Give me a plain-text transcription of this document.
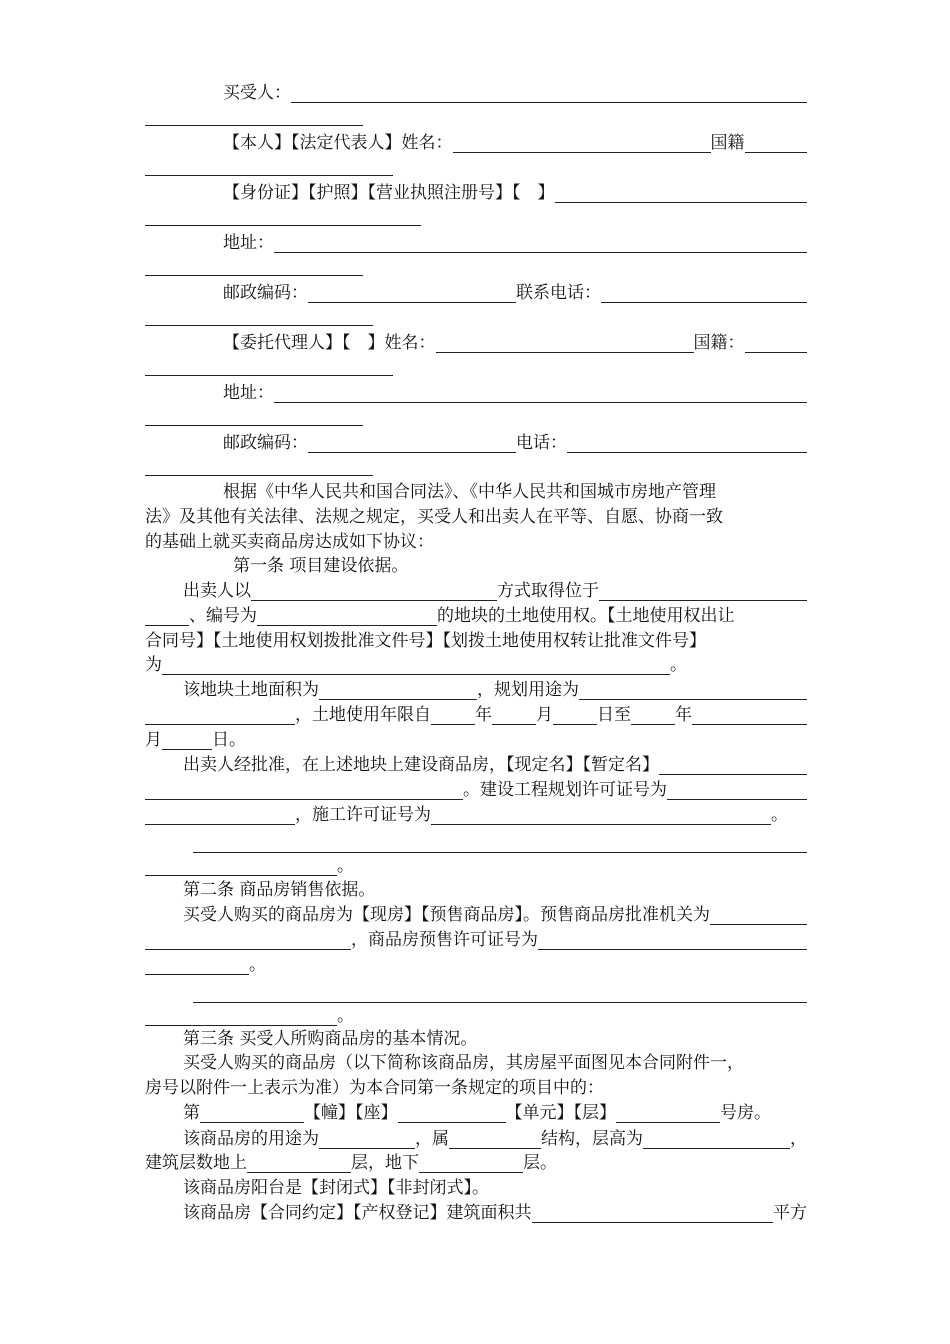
买受人：
【本人】【法定代表人】姓名：	国籍
【身份证】【护照】【营业执照注册号】【　】
地址：
邮政编码：	联系电话：
【委托代理人】【　】姓名：	国籍：
地址：
邮政编码：	电话：
根据《中华人民共和国合同法》、《中华人民共和国城市房地产管理
法》及其他有关法律、法规之规定，买受人和出卖人在平等、自愿、协商一致
的基础上就买卖商品房达成如下协议：
第一条 项目建设依据。
出卖人以	方式取得位于
、编号为	的地块的土地使用权。【土地使用权出让
合同号】【土地使用权划拨批准文件号】【划拨土地使用权转让批准文件号】
为	。
该地块土地面积为	，规划用途为
，土地使用年限自	年	月	日至	年
月	日。
出卖人经批准，在上述地块上建设商品房，【现定名】【暂定名】
。建设工程规划许可证号为
，施工许可证号为	。
。
第二条 商品房销售依据。
买受人购买的商品房为【现房】【预售商品房】。预售商品房批准机关为
，商品房预售许可证号为
。
。
第三条 买受人所购商品房的基本情况。
买受人购买的商品房（以下简称该商品房，其房屋平面图见本合同附件一，
房号以附件一上表示为准）为本合同第一条规定的项目中的：
第	【幢】【座】	【单元】【层】	号房。
该商品房的用途为	，属	结构，层高为	，
建筑层数地上	层，地下	层。
该商品房阳台是【封闭式】【非封闭式】。
该商品房【合同约定】【产权登记】建筑面积共	平方
